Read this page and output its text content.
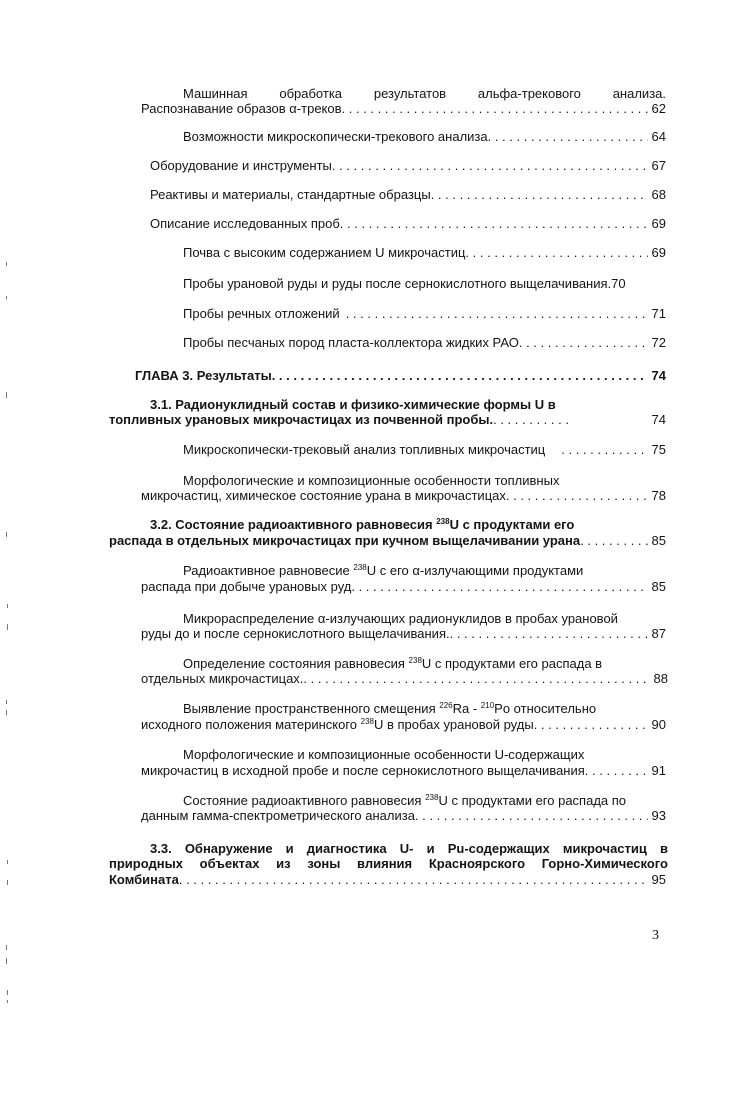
Машинная обработка результатов альфа-трекового анализа.
Распознавание образов α-треков . . .	62
Возможности микроскопически-трекового анализа . . .	64
Оборудование и инструменты . . .	67
Реактивы и материалы, стандартные образцы . . .	68
Описание исследованных проб . . .	69
Почва с высоким содержанием U микрочастиц . . .	69
Пробы урановой руды и руды после сернокислотного выщелачивания. 70
Пробы речных отложений . . .	71
Пробы песчаных пород пласта-коллектора жидких РАО . . .	72
ГЛАВА 3. Результаты . . .	74
3.1. Радионуклидный состав и физико-химические формы U в
топливных урановых микрочастицах из почвенной пробы. . . .	74
Микроскопически-трековый анализ топливных микрочастиц . . .	75
Морфологические и композиционные особенности топливных
микрочастиц, химическое состояние урана в микрочастицах . . .	78
3.2. Состояние радиоактивного равновесия $^{238}$U с продуктами его
распада в отдельных микрочастицах при кучном выщелачивании урана . . .	85
Радиоактивное равновесие $^{238}$U с его α-излучающими продуктами
распада при добыче урановых руд . . .	85
Микрораспределение α-излучающих радионуклидов в пробах урановой
руды до и после сернокислотного выщелачивания. . . .	87
Определение состояния равновесия $^{238}$U с продуктами его распада в
отдельных микрочастицах. . . .	88
Выявление пространственного смещения $^{226}$Ra - $^{210}$Po относительно
исходного положения материнского $^{238}$U в пробах урановой руды . . .	90
Морфологические и композиционные особенности U-содержащих
микрочастиц в исходной пробе и после сернокислотного выщелачивания . . .	91
Состояние радиоактивного равновесия $^{238}$U с продуктами его распада по
данным гамма-спектрометрического анализа . . .	93
3.3. Обнаружение и диагностика U- и Pu-содержащих микрочастиц в
природных объектах из зоны влияния Красноярского Горно-Химического
Комбината . . .	95
3
